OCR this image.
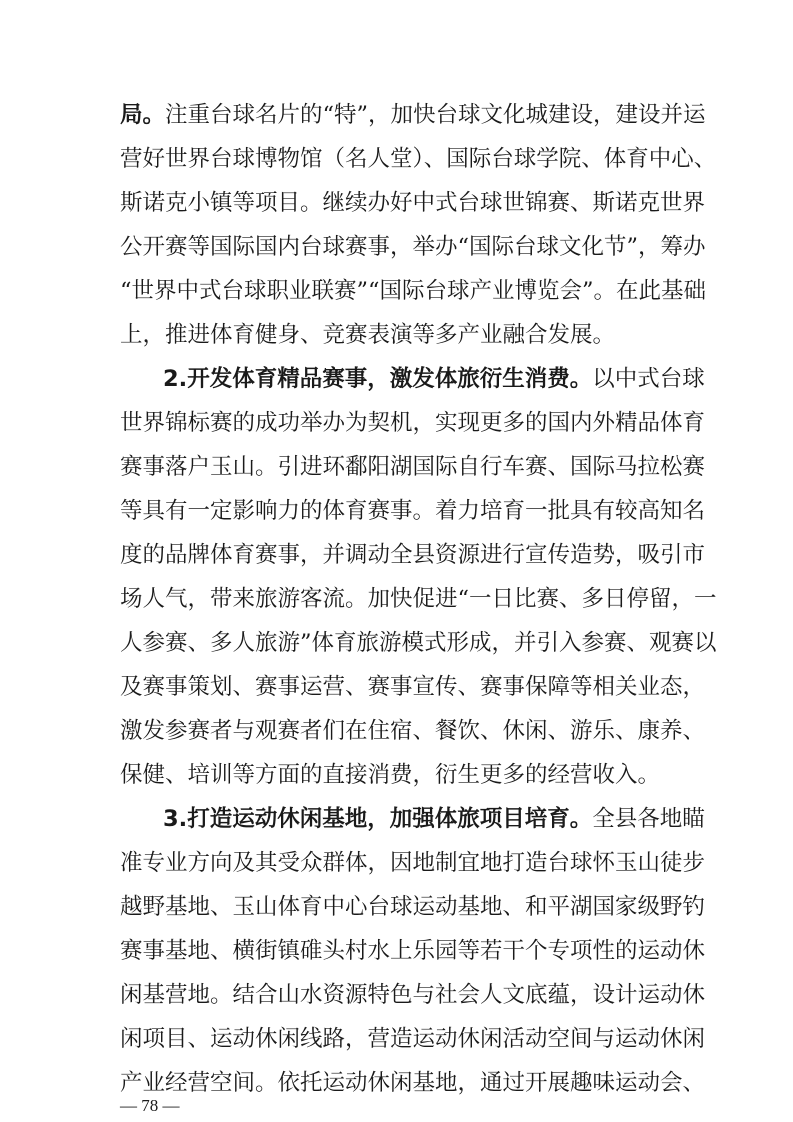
局。注重台球名片的“特”，加快台球文化城建设，建设并运
营好世界台球博物馆（名人堂）、国际台球学院、体育中心、
斯诺克小镇等项目。继续办好中式台球世锦赛、斯诺克世界
公开赛等国际国内台球赛事，举办“国际台球文化节”，筹办
“世界中式台球职业联赛”“国际台球产业博览会”。在此基础
上，推进体育健身、竞赛表演等多产业融合发展。
2.开发体育精品赛事，激发体旅衍生消费。以中式台球
世界锦标赛的成功举办为契机，实现更多的国内外精品体育
赛事落户玉山。引进环鄱阳湖国际自行车赛、国际马拉松赛
等具有一定影响力的体育赛事。着力培育一批具有较高知名
度的品牌体育赛事，并调动全县资源进行宣传造势，吸引市
场人气，带来旅游客流。加快促进“一日比赛、多日停留，一
人参赛、多人旅游”体育旅游模式形成，并引入参赛、观赛以
及赛事策划、赛事运营、赛事宣传、赛事保障等相关业态，
激发参赛者与观赛者们在住宿、餐饮、休闲、游乐、康养、
保健、培训等方面的直接消费，衍生更多的经营收入。
3.打造运动休闲基地，加强体旅项目培育。全县各地瞄
准专业方向及其受众群体，因地制宜地打造台球怀玉山徒步
越野基地、玉山体育中心台球运动基地、和平湖国家级野钓
赛事基地、横街镇碓头村水上乐园等若干个专项性的运动休
闲基营地。结合山水资源特色与社会人文底蕴，设计运动休
闲项目、运动休闲线路，营造运动休闲活动空间与运动休闲
产业经营空间。依托运动休闲基地，通过开展趣味运动会、
— 78 —
